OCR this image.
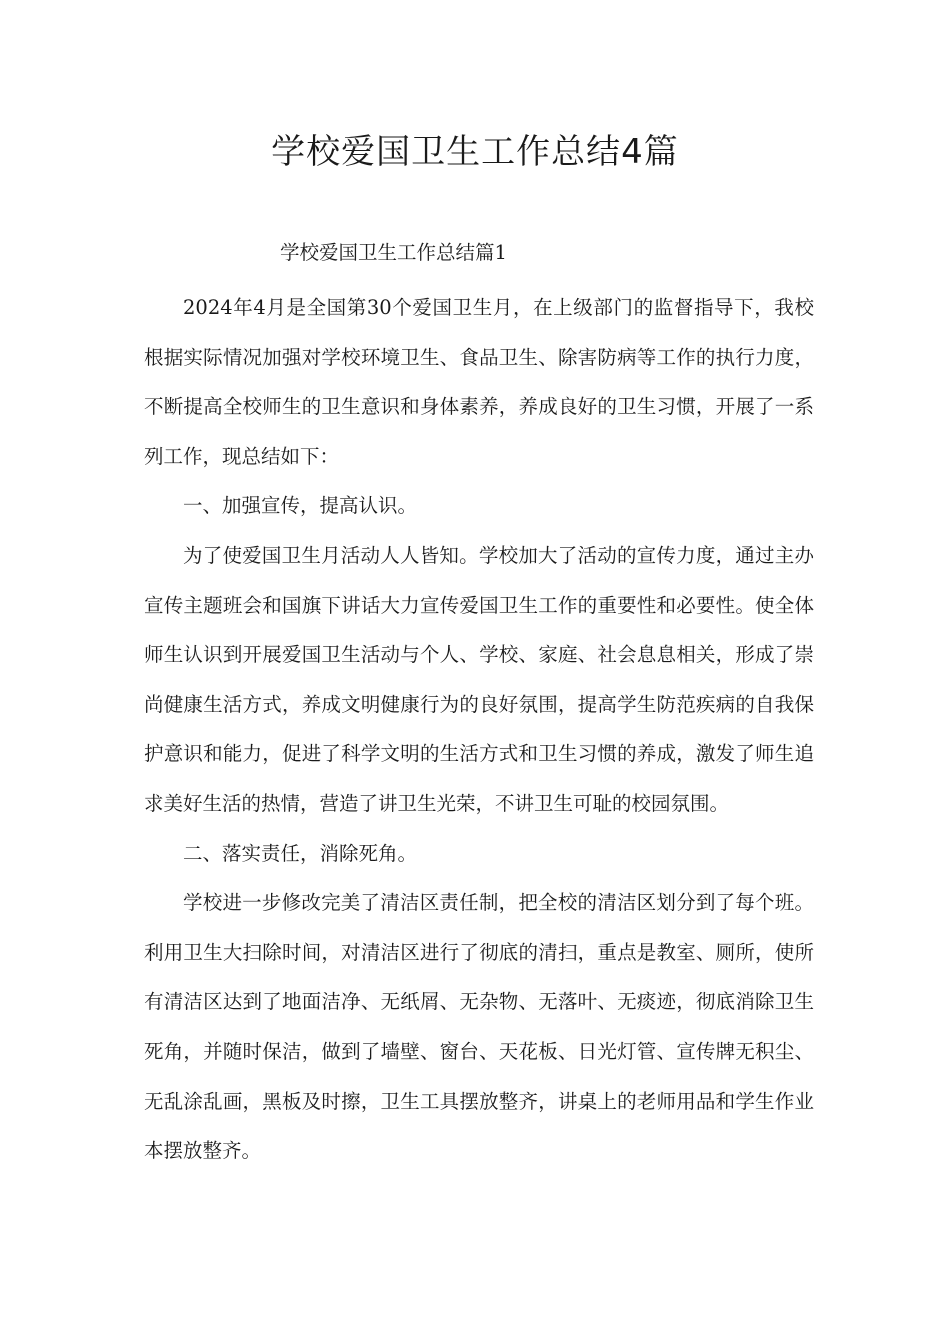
学校爱国卫生工作总结4篇
学校爱国卫生工作总结篇1

2024年4月是全国第30个爱国卫生月，在上级部门的监督指导下，我校根据实际情况加强对学校环境卫生、食品卫生、除害防病等工作的执行力度，不断提高全校师生的卫生意识和身体素养，养成良好的卫生习惯，开展了一系列工作，现总结如下：

一、加强宣传，提高认识。

为了使爱国卫生月活动人人皆知。学校加大了活动的宣传力度，通过主办宣传主题班会和国旗下讲话大力宣传爱国卫生工作的重要性和必要性。使全体师生认识到开展爱国卫生活动与个人、学校、家庭、社会息息相关，形成了崇尚健康生活方式，养成文明健康行为的良好氛围，提高学生防范疾病的自我保护意识和能力，促进了科学文明的生活方式和卫生习惯的养成，激发了师生追求美好生活的热情，营造了讲卫生光荣，不讲卫生可耻的校园氛围。

二、落实责任，消除死角。

学校进一步修改完美了清洁区责任制，把全校的清洁区划分到了每个班。利用卫生大扫除时间，对清洁区进行了彻底的清扫，重点是教室、厕所，使所有清洁区达到了地面洁净、无纸屑、无杂物、无落叶、无痰迹，彻底消除卫生死角，并随时保洁，做到了墙壁、窗台、天花板、日光灯管、宣传牌无积尘、无乱涂乱画，黑板及时擦，卫生工具摆放整齐，讲桌上的老师用品和学生作业本摆放整齐。
